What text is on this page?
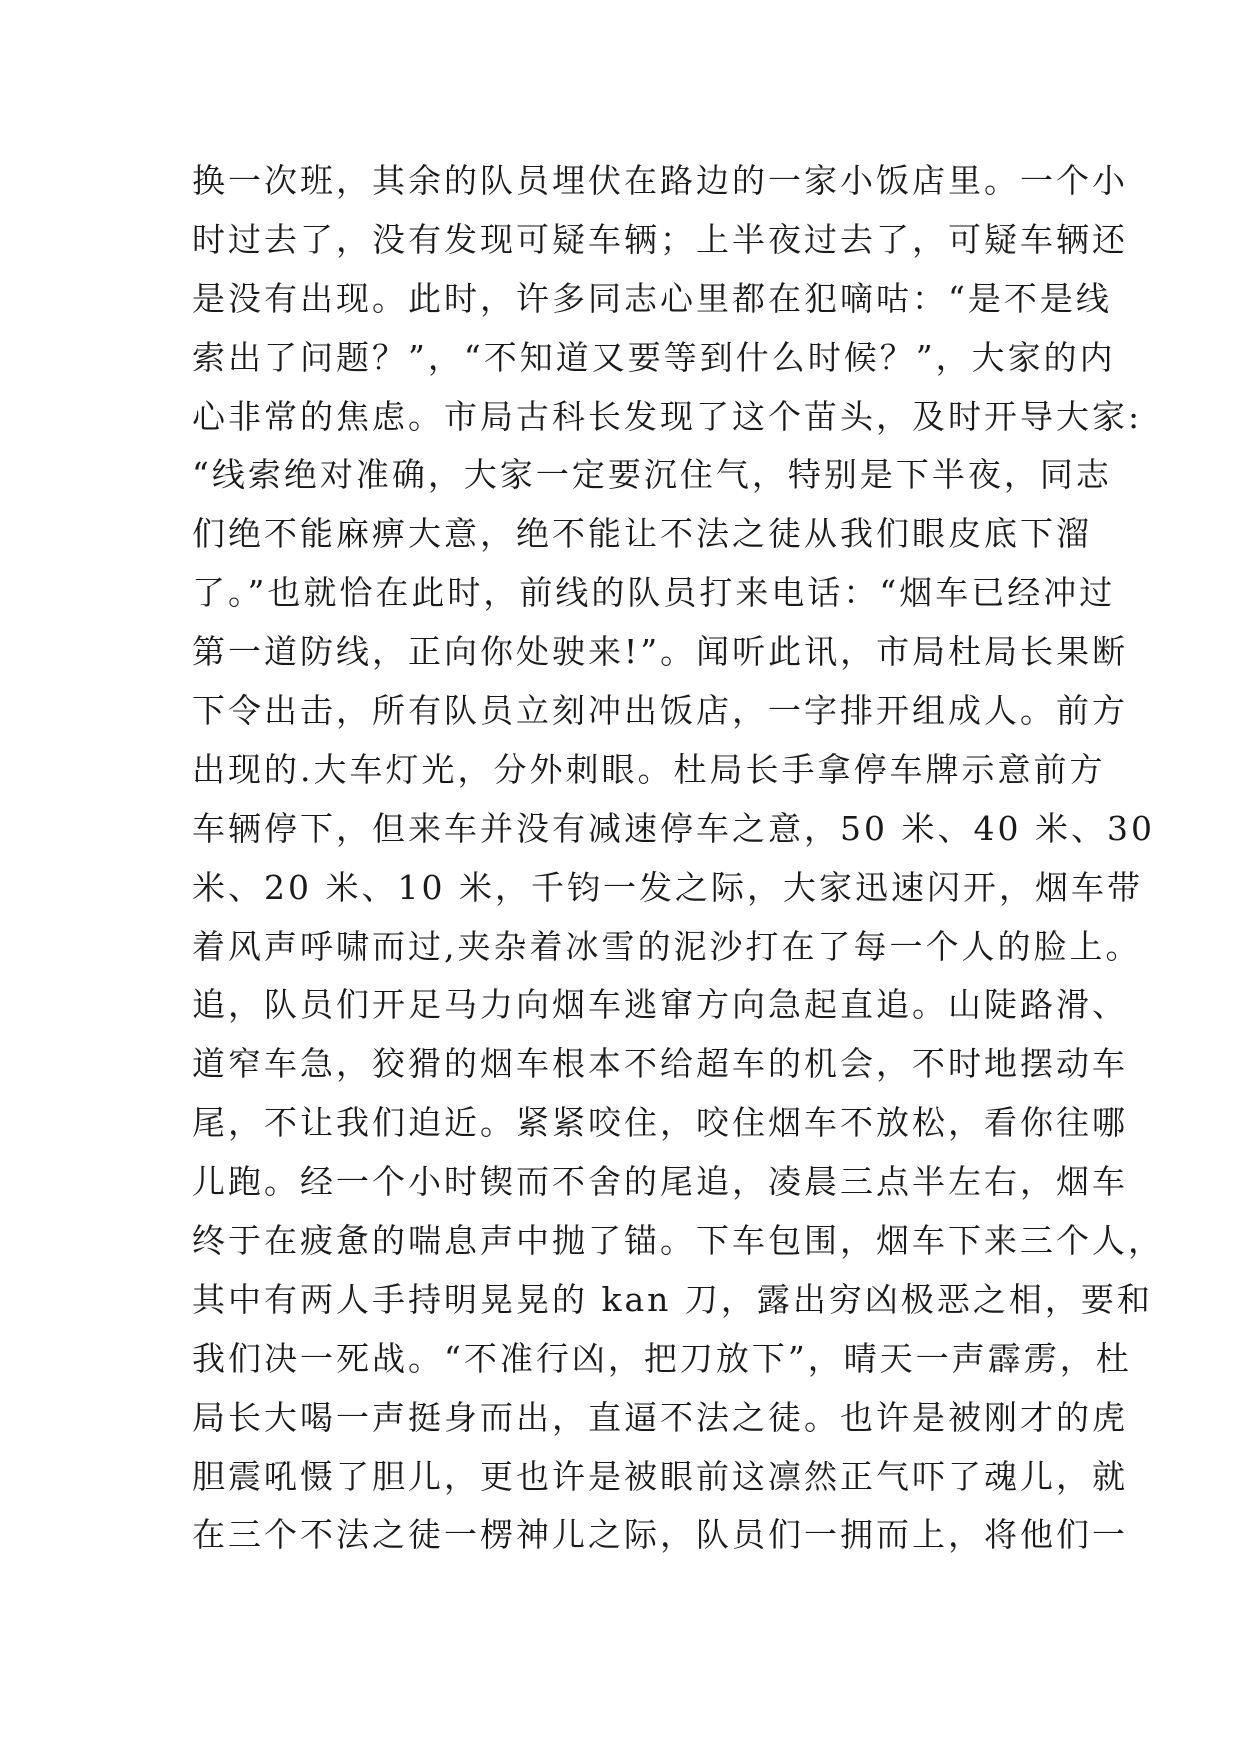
换一次班，其余的队员埋伏在路边的一家小饭店里。一个小
时过去了，没有发现可疑车辆；上半夜过去了，可疑车辆还
是没有出现。此时，许多同志心里都在犯嘀咕：“是不是线
索出了问题？”，“不知道又要等到什么时候？”，大家的内
心非常的焦虑。市局古科长发现了这个苗头，及时开导大家:
“线索绝对准确，大家一定要沉住气，特别是下半夜，同志
们绝不能麻痹大意，绝不能让不法之徒从我们眼皮底下溜
了。”也就恰在此时，前线的队员打来电话：“烟车已经冲过
第一道防线，正向你处驶来!”。闻听此讯，市局杜局长果断
下令出击，所有队员立刻冲出饭店，一字排开组成人。前方
出现的.大车灯光，分外刺眼。杜局长手拿停车牌示意前方
车辆停下，但来车并没有减速停车之意，50 米、40 米、30
米、20 米、10 米，千钧一发之际，大家迅速闪开，烟车带
着风声呼啸而过,夹杂着冰雪的泥沙打在了每一个人的脸上。
追，队员们开足马力向烟车逃窜方向急起直追。山陡路滑、
道窄车急，狡猾的烟车根本不给超车的机会，不时地摆动车
尾，不让我们迫近。紧紧咬住，咬住烟车不放松，看你往哪
儿跑。经一个小时锲而不舍的尾追，凌晨三点半左右，烟车
终于在疲惫的喘息声中抛了锚。下车包围，烟车下来三个人，
其中有两人手持明晃晃的 kan 刀，露出穷凶极恶之相，要和
我们决一死战。“不准行凶，把刀放下”，晴天一声霹雳，杜
局长大喝一声挺身而出，直逼不法之徒。也许是被刚才的虎
胆震吼慑了胆儿，更也许是被眼前这凛然正气吓了魂儿，就
在三个不法之徒一楞神儿之际，队员们一拥而上，将他们一
